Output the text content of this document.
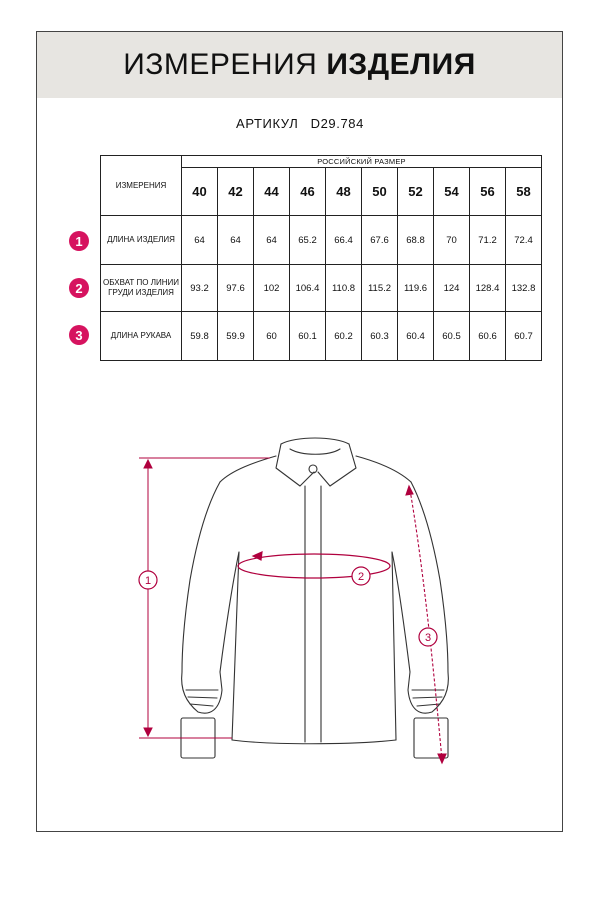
ИЗМЕРЕНИЯ ИЗДЕЛИЯ
АРТИКУЛ D29.784
ИЗМЕРЕНИЯ	РОССИЙСКИЙ РАЗМЕР									
	40	42	44	46	48	50	52	54	56	58
ДЛИНА ИЗДЕЛИЯ	64	64	64	65.2	66.4	67.6	68.8	70	71.2	72.4
ОБХВАТ ПО ЛИНИИ ГРУДИ ИЗДЕЛИЯ	93.2	97.6	102	106.4	110.8	115.2	119.6	124	128.4	132.8
ДЛИНА РУКАВА	59.8	59.9	60	60.1	60.2	60.3	60.4	60.5	60.6	60.7
1
2
3
1	2
3
